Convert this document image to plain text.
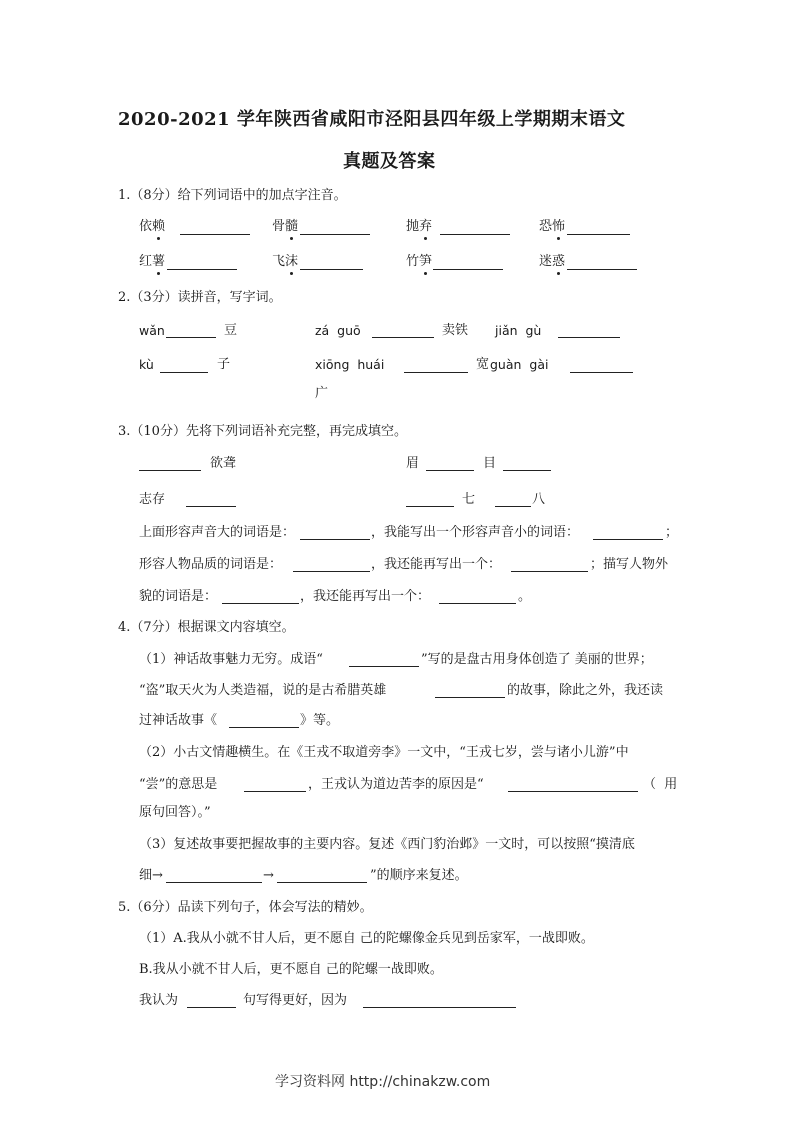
2020-2021 学年陕西省咸阳市泾阳县四年级上学期期末语文
真题及答案
1.（8分）给下列词语中的加点字注音。
依赖	骨髓	抛弃	恐怖
红薯	飞沫	竹笋	迷惑
2.（3分）读拼音，写字词。
wǎn	豆	zá  guō	卖铁 jiǎn  gù
kù	子	xiōng  huái	宽 guàn  gài
广
3.（10分）先将下列词语补充完整，再完成填空。
欲聋	眉	目
志存	七	八
上面形容声音大的词语是：	，我能写出一个形容声音小的词语：	；
形容人物品质的词语是：	，我还能再写出一个：	；描写人物外
貌的词语是：	，我还能再写出一个：	。
4.（7分）根据课文内容填空。
（1）神话故事魅力无穷。成语“	”写的是盘古用身体创造了 美丽的世界；
“盗”取天火为人类造福，说的是古希腊英雄	的故事，除此之外，我还读
过神话故事《	》等。
（2）小古文情趣横生。在《王戎不取道旁李》一文中，“王戎七岁，尝与诸小儿游”中
“尝”的意思是	，王戎认为道边苦李的原因是“	（  用
原句回答）。”
（3）复述故事要把握故事的主要内容。复述《西门豹治邺》一文时，可以按照“摸清底
细→	→	”的顺序来复述。
5.（6分）品读下列句子，体会写法的精妙。
（1）A.我从小就不甘人后，更不愿自 己的陀螺像金兵见到岳家军，一战即败。
B.我从小就不甘人后，更不愿自 己的陀螺一战即败。
我认为	句写得更好，因为
学习资料网 http://chinakzw.com
